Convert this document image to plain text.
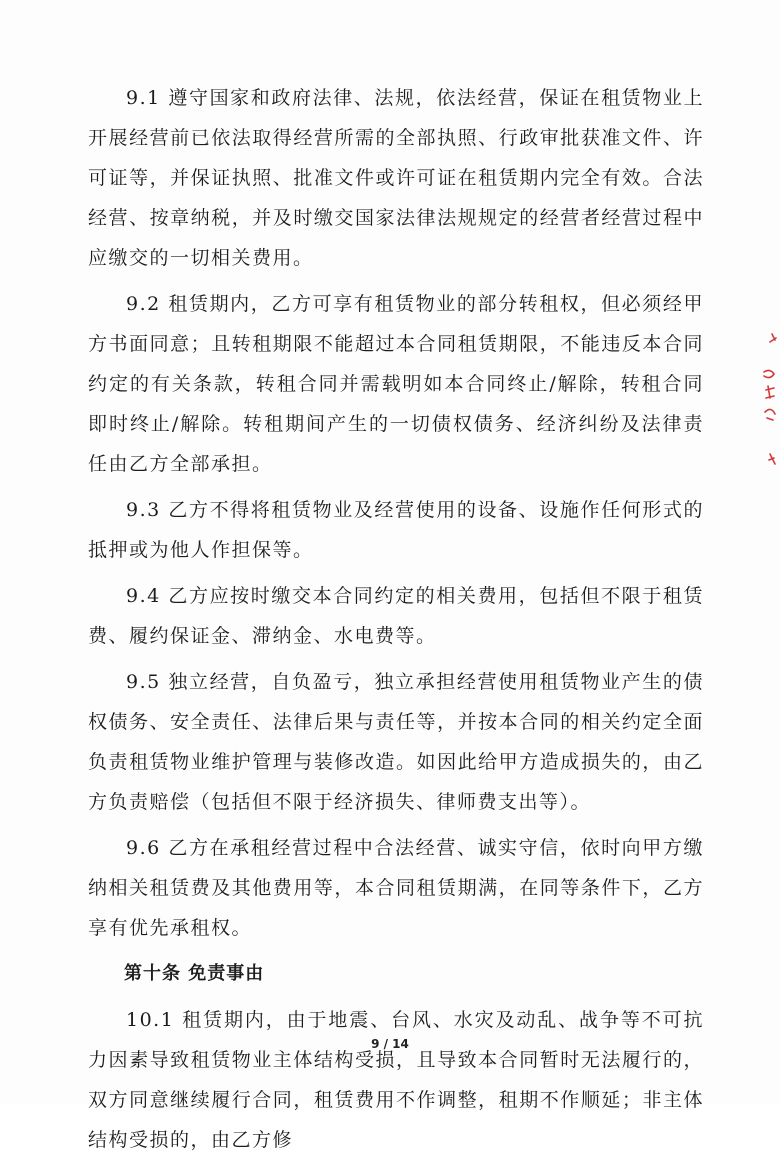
9.1 遵守国家和政府法律、法规，依法经营，保证在租赁物业上开展经营前已依法取得经营所需的全部执照、行政审批获准文件、许可证等，并保证执照、批准文件或许可证在租赁期内完全有效。合法经营、按章纳税，并及时缴交国家法律法规规定的经营者经营过程中应缴交的一切相关费用。

9.2 租赁期内，乙方可享有租赁物业的部分转租权，但必须经甲方书面同意；且转租期限不能超过本合同租赁期限，不能违反本合同约定的有关条款，转租合同并需载明如本合同终止/解除，转租合同即时终止/解除。转租期间产生的一切债权债务、经济纠纷及法律责任由乙方全部承担。

9.3 乙方不得将租赁物业及经营使用的设备、设施作任何形式的抵押或为他人作担保等。

9.4 乙方应按时缴交本合同约定的相关费用，包括但不限于租赁费、履约保证金、滞纳金、水电费等。

9.5 独立经营，自负盈亏，独立承担经营使用租赁物业产生的债权债务、安全责任、法律后果与责任等，并按本合同的相关约定全面负责租赁物业维护管理与装修改造。如因此给甲方造成损失的，由乙方负责赔偿（包括但不限于经济损失、律师费支出等）。

9.6 乙方在承租经营过程中合法经营、诚实守信，依时向甲方缴纳相关租赁费及其他费用等，本合同租赁期满，在同等条件下，乙方享有优先承租权。

第十条 免责事由

10.1 租赁期内，由于地震、台风、水灾及动乱、战争等不可抗力因素导致租赁物业主体结构受损，且导致本合同暂时无法履行的，双方同意继续履行合同，租赁费用不作调整，租期不作顺延；非主体结构受损的，由乙方修

9 / 14
